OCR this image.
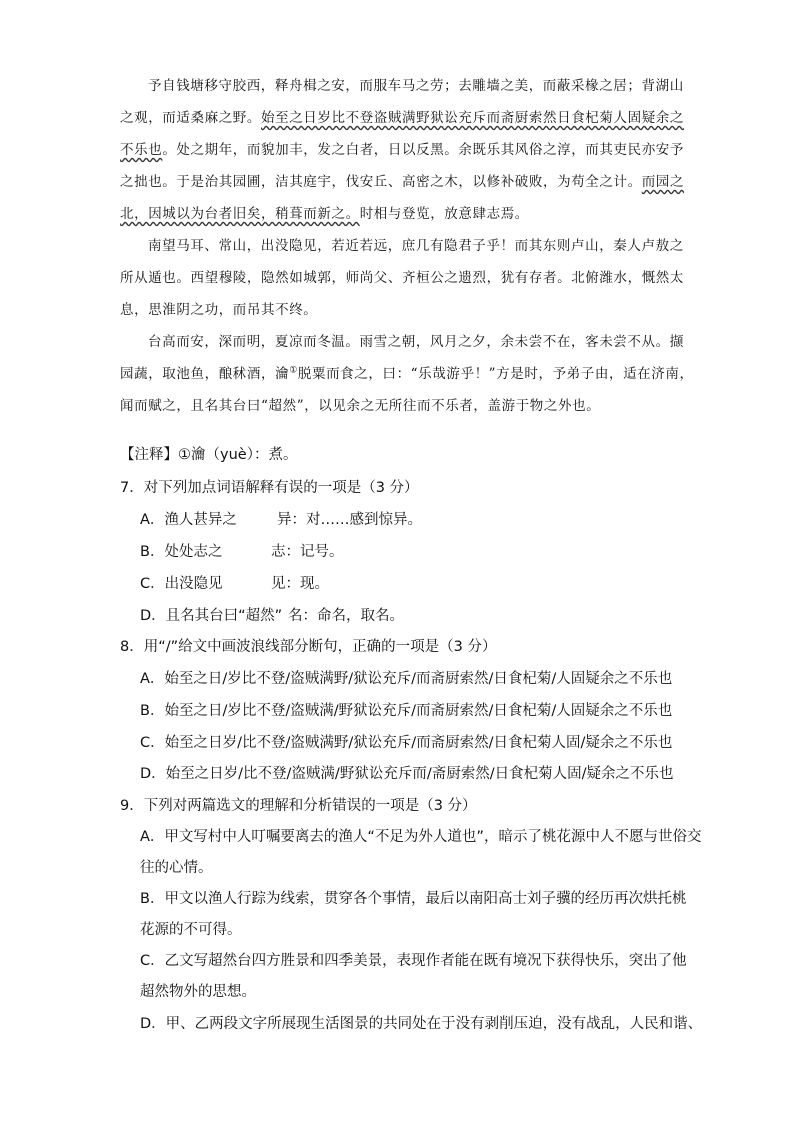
予自钱塘移守胶西，释舟楫之安，而服车马之劳；去雕墙之美，而蔽采椽之居；背湖山
之观，而适桑麻之野。始至之日岁比不登盗贼满野狱讼充斥而斋厨索然日食杞菊人固疑余之
不乐也。处之期年，而貌加丰，发之白者，日以反黑。余既乐其风俗之淳，而其吏民亦安予
之拙也。于是治其园圃，洁其庭宇，伐安丘、高密之木，以修补破败，为苟全之计。而园之
北，因城以为台者旧矣，稍葺而新之。时相与登览，放意肆志焉。
南望马耳、常山，出没隐见，若近若远，庶几有隐君子乎！而其东则卢山，秦人卢敖之
所从遁也。西望穆陵，隐然如城郭，师尚父、齐桓公之遗烈，犹有存者。北俯潍水，慨然太
息，思淮阴之功，而吊其不终。
台高而安，深而明，夏凉而冬温。雨雪之朝，风月之夕，余未尝不在，客未尝不从。撷
园蔬，取池鱼，酿秫酒，瀹①脱粟而食之，曰：“乐哉游乎！”方是时，予弟子由，适在济南，
闻而赋之，且名其台曰“超然”，以见余之无所往而不乐者，盖游于物之外也。
【注释】①瀹（yuè）：煮。
7．对下列加点词语解释有误的一项是（3 分）
A．渔人甚异之	异：对……感到惊异。
B．处处志之	志：记号。
C．出没隐见	见：现。
D．且名其台曰“超然” 名：命名，取名。
8．用“/”给文中画波浪线部分断句，正确的一项是（3 分）
A．始至之日/岁比不登/盗贼满野/狱讼充斥/而斋厨索然/日食杞菊/人固疑余之不乐也
B．始至之日/岁比不登/盗贼满/野狱讼充斥/而斋厨索然/日食杞菊/人固疑余之不乐也
C．始至之日岁/比不登/盗贼满野/狱讼充斥/而斋厨索然/日食杞菊人固/疑余之不乐也
D．始至之日岁/比不登/盗贼满/野狱讼充斥而/斋厨索然/日食杞菊人固/疑余之不乐也
9．下列对两篇选文的理解和分析错误的一项是（3 分）
A．甲文写村中人叮嘱要离去的渔人“不足为外人道也”，暗示了桃花源中人不愿与世俗交
往的心情。
B．甲文以渔人行踪为线索，贯穿各个事情，最后以南阳高士刘子骥的经历再次烘托桃
花源的不可得。
C．乙文写超然台四方胜景和四季美景，表现作者能在既有境况下获得快乐，突出了他
超然物外的思想。
D．甲、乙两段文字所展现生活图景的共同处在于没有剥削压迫，没有战乱，人民和谐、
